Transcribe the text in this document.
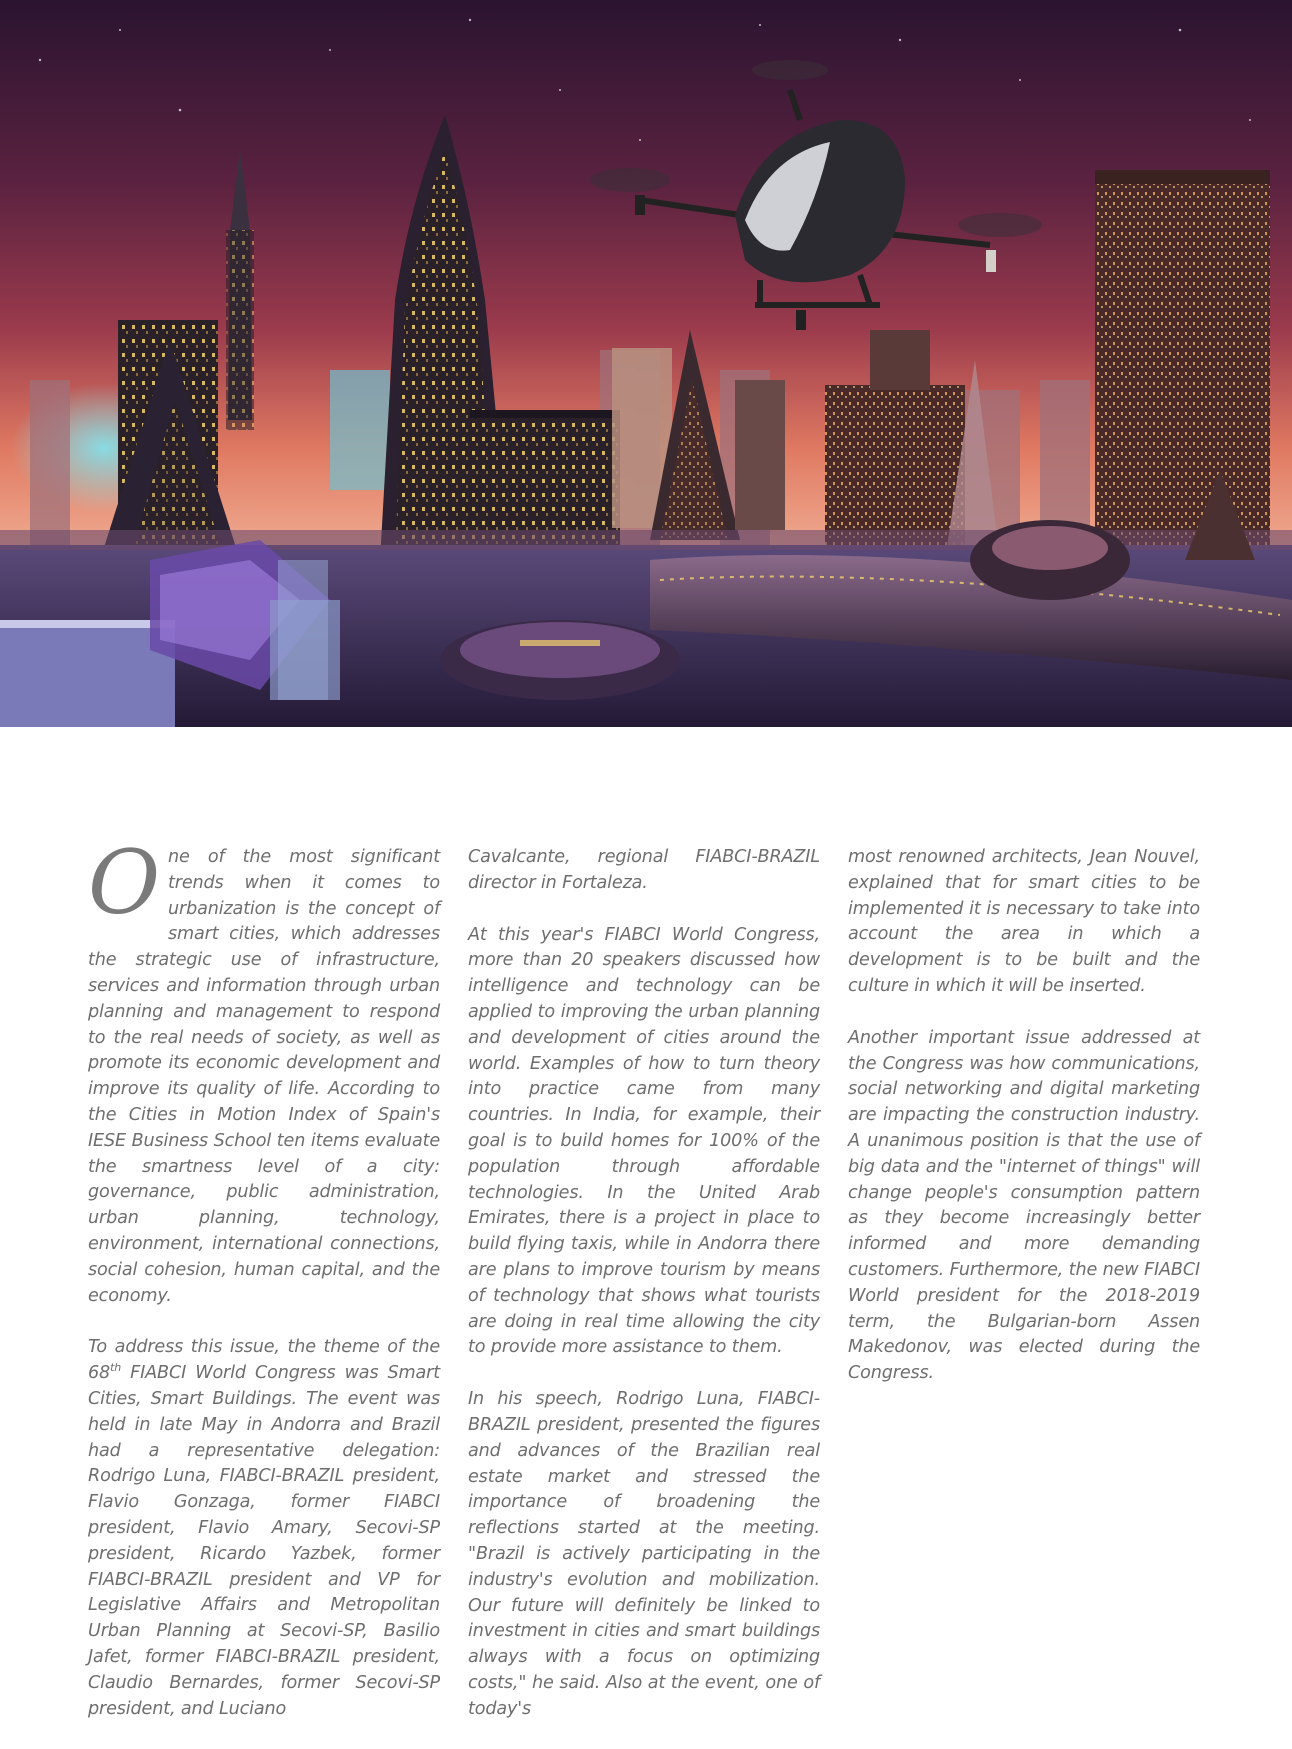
One of the most significant trends when it comes to urbanization is the concept of smart cities, which addresses the strategic use of infrastructure, services and information through urban planning and management to respond to the real needs of society, as well as promote its economic development and improve its quality of life. According to the Cities in Motion Index of Spain's IESE Business School ten items evaluate the smartness level of a city: governance, public administration, urban planning, technology, environment, international connections, social cohesion, human capital, and the economy.

To address this issue, the theme of the 68th FIABCI World Congress was Smart Cities, Smart Buildings. The event was held in late May in Andorra and Brazil had a representative delegation: Rodrigo Luna, FIABCI-BRAZIL president, Flavio Gonzaga, former FIABCI president, Flavio Amary, Secovi-SP president, Ricardo Yazbek, former FIABCI-BRAZIL president and VP for Legislative Affairs and Metropolitan Urban Planning at Secovi-SP, Basilio Jafet, former FIABCI-BRAZIL president, Claudio Bernardes, former Secovi-SP president, and Luciano

Cavalcante, regional FIABCI-BRAZIL director in Fortaleza.

At this year's FIABCI World Congress, more than 20 speakers discussed how intelligence and technology can be applied to improving the urban planning and development of cities around the world. Examples of how to turn theory into practice came from many countries. In India, for example, their goal is to build homes for 100% of the population through affordable technologies. In the United Arab Emirates, there is a project in place to build flying taxis, while in Andorra there are plans to improve tourism by means of technology that shows what tourists are doing in real time allowing the city to provide more assistance to them.

In his speech, Rodrigo Luna, FIABCI-BRAZIL president, presented the figures and advances of the Brazilian real estate market and stressed the importance of broadening the reflections started at the meeting. "Brazil is actively participating in the industry's evolution and mobilization. Our future will definitely be linked to investment in cities and smart buildings always with a focus on optimizing costs," he said. Also at the event, one of today's

most renowned architects, Jean Nouvel, explained that for smart cities to be implemented it is necessary to take into account the area in which a development is to be built and the culture in which it will be inserted.

Another important issue addressed at the Congress was how communications, social networking and digital marketing are impacting the construction industry. A unanimous position is that the use of big data and the "internet of things" will change people's consumption pattern as they become increasingly better informed and more demanding customers. Furthermore, the new FIABCI World president for the 2018-2019 term, the Bulgarian-born Assen Makedonov, was elected during the Congress.
